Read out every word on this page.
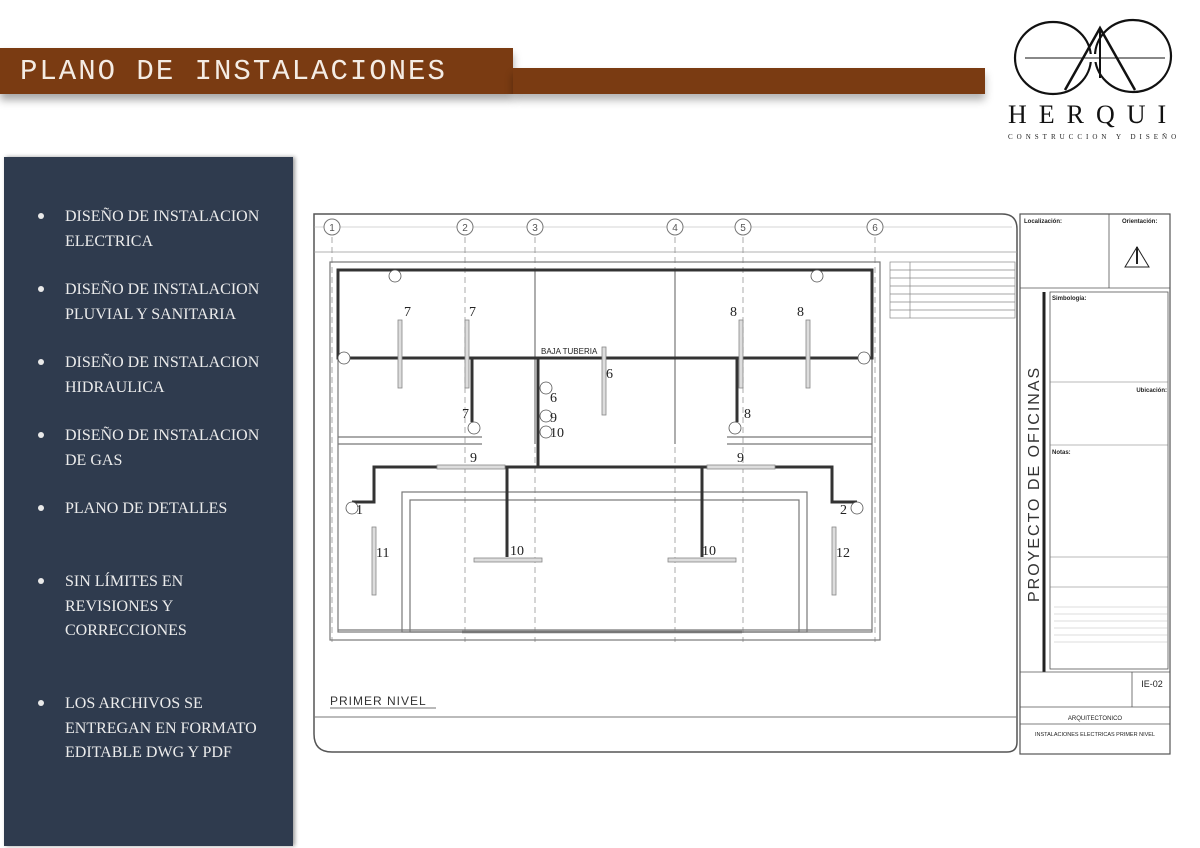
PLANO DE INSTALACIONES
HERQUI
CONSTRUCCION Y DISEÑO
DISEÑO DE INSTALACION ELECTRICA
DISEÑO DE INSTALACION PLUVIAL Y SANITARIA
DISEÑO DE INSTALACION HIDRAULICA
DISEÑO DE INSTALACION DE GAS
PLANO DE DETALLES
SIN LÍMITES EN REVISIONES Y CORRECCIONES
LOS ARCHIVOS SE ENTREGAN EN FORMATO EDITABLE DWG Y PDF
1	2	3	4	5	6
7	7	8	8
6
6
7	8
9
10
9	9
11	10	10	12
1	2
BAJA TUBERIA
PRIMER NIVEL
Localización:	Orientación:
Simbología:
Ubicación:
Notas:
PROYECTO DE OFICINAS
IE-02
ARQUITECTONICO
INSTALACIONES ELECTRICAS PRIMER NIVEL
